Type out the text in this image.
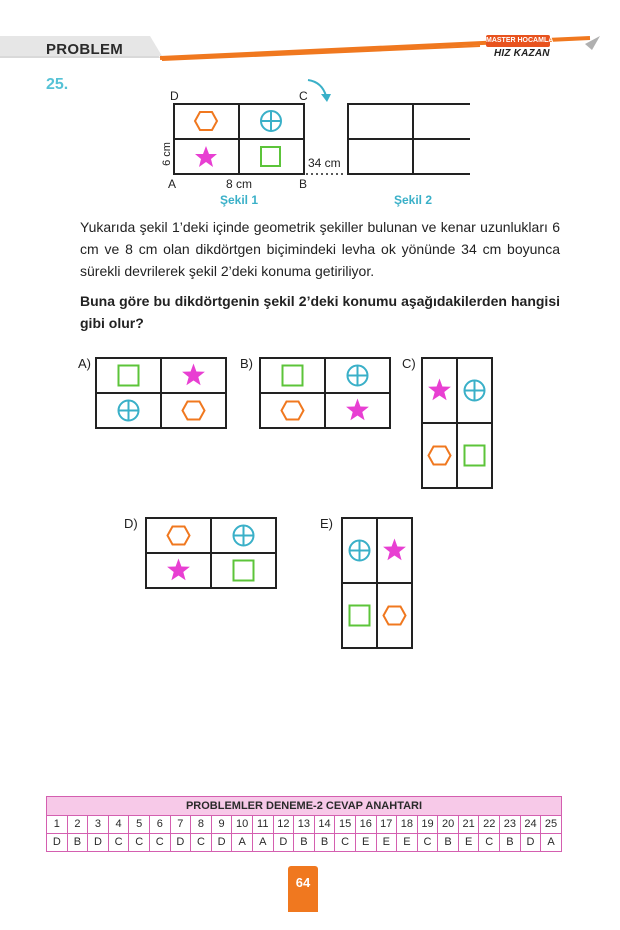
PROBLEM
MASTER HOCAMLA
HIZ KAZAN
25.
D	C
A	B
6 cm
8 cm
34 cm
Şekil 1	Şekil 2
Yukarıda şekil 1’deki içinde geometrik şekiller bulunan ve kenar uzunlukları 6 cm ve 8 cm olan dikdörtgen biçimindeki levha ok yönünde 34 cm boyunca sürekli devrilerek şekil 2’deki konuma getiriliyor.
Buna göre bu dikdörtgenin şekil 2’deki konumu aşağıdakilerden hangisi gibi olur?
A)	B)	C)
D)	E)
PROBLEMLER DENEME-2 CEVAP ANAHTARI
1	2	3	4	5	6	7	8	9	10 11 12 13 14 15 16 17 18 19 20 21 22 23 24 25
D	B	D	C	C	C	D	C	D	A	A	D	B	B	C	E	E	E	C	B	E	C	B	D	A
64
